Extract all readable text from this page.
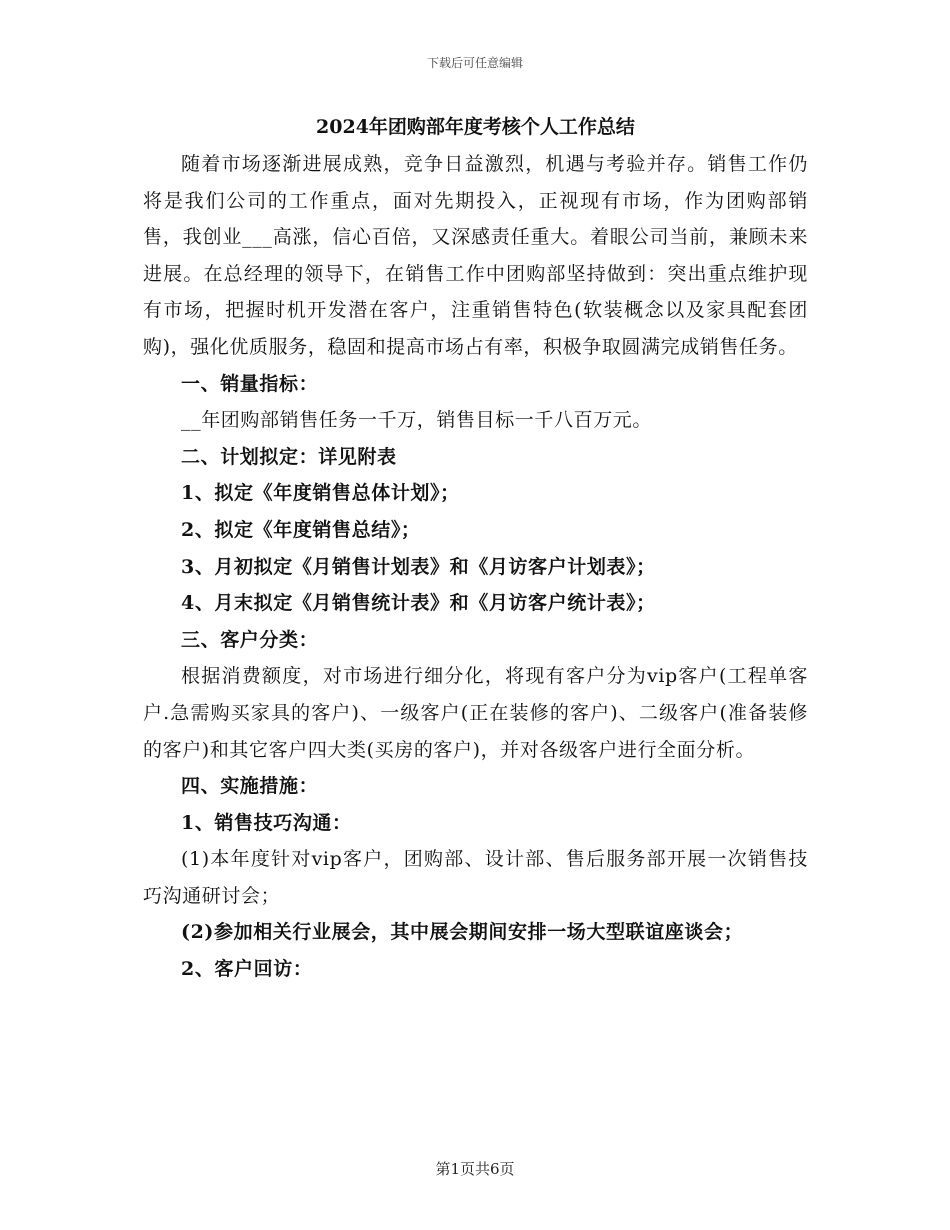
下载后可任意编辑
2024年团购部年度考核个人工作总结

随着市场逐渐进展成熟，竞争日益激烈，机遇与考验并存。销售工作仍将是我们公司的工作重点，面对先期投入，正视现有市场，作为团购部销售，我创业___高涨，信心百倍，又深感责任重大。着眼公司当前，兼顾未来进展。在总经理的领导下，在销售工作中团购部坚持做到：突出重点维护现有市场，把握时机开发潜在客户，注重销售特色(软装概念以及家具配套团购)，强化优质服务，稳固和提高市场占有率，积极争取圆满完成销售任务。

一、销量指标：

__年团购部销售任务一千万，销售目标一千八百万元。

二、计划拟定：详见附表

1、拟定《年度销售总体计划》；

2、拟定《年度销售总结》；

3、月初拟定《月销售计划表》和《月访客户计划表》；

4、月末拟定《月销售统计表》和《月访客户统计表》；

三、客户分类：

根据消费额度，对市场进行细分化，将现有客户分为vip客户(工程单客户.急需购买家具的客户)、一级客户(正在装修的客户)、二级客户(准备装修的客户)和其它客户四大类(买房的客户)，并对各级客户进行全面分析。

四、实施措施：

1、销售技巧沟通：

(1)本年度针对vip客户，团购部、设计部、售后服务部开展一次销售技巧沟通研讨会；

(2)参加相关行业展会，其中展会期间安排一场大型联谊座谈会；

2、客户回访：

第1页共6页
